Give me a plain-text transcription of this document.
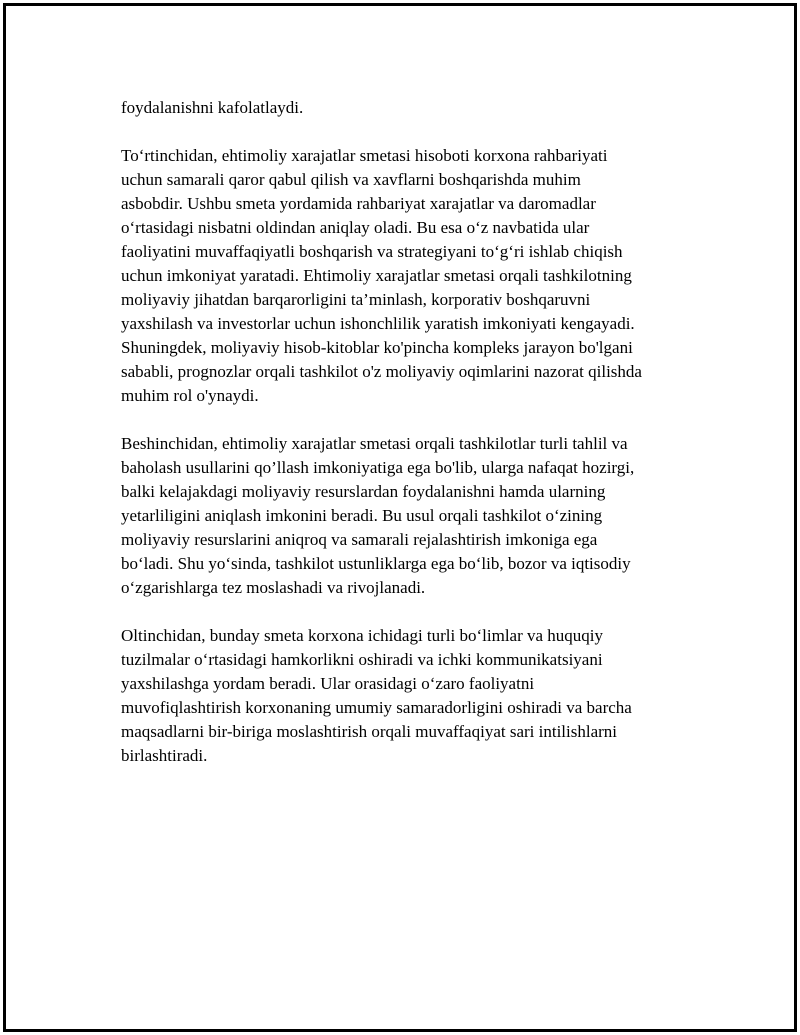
foydalanishni kafolatlaydi.

To‘rtinchidan, ehtimoliy xarajatlar smetasi hisoboti korxona rahbariyati
uchun samarali qaror qabul qilish va xavflarni boshqarishda muhim
asbobdir. Ushbu smeta yordamida rahbariyat xarajatlar va daromadlar
o‘rtasidagi nisbatni oldindan aniqlay oladi. Bu esa o‘z navbatida ular
faoliyatini muvaffaqiyatli boshqarish va strategiyani to‘g‘ri ishlab chiqish
uchun imkoniyat yaratadi. Ehtimoliy xarajatlar smetasi orqali tashkilotning
moliyaviy jihatdan barqarorligini ta’minlash, korporativ boshqaruvni
yaxshilash va investorlar uchun ishonchlilik yaratish imkoniyati kengayadi.
Shuningdek, moliyaviy hisob-kitoblar ko'pincha kompleks jarayon bo'lgani
sababli, prognozlar orqali tashkilot o'z moliyaviy oqimlarini nazorat qilishda
muhim rol o'ynaydi.

Beshinchidan, ehtimoliy xarajatlar smetasi orqali tashkilotlar turli tahlil va
baholash usullarini qo’llash imkoniyatiga ega bo'lib, ularga nafaqat hozirgi,
balki kelajakdagi moliyaviy resurslardan foydalanishni hamda ularning
yetarliligini aniqlash imkonini beradi. Bu usul orqali tashkilot o‘zining
moliyaviy resurslarini aniqroq va samarali rejalashtirish imkoniga ega
bo‘ladi. Shu yo‘sinda, tashkilot ustunliklarga ega bo‘lib, bozor va iqtisodiy
o‘zgarishlarga tez moslashadi va rivojlanadi.

Oltinchidan, bunday smeta korxona ichidagi turli bo‘limlar va huquqiy
tuzilmalar o‘rtasidagi hamkorlikni oshiradi va ichki kommunikatsiyani
yaxshilashga yordam beradi. Ular orasidagi o‘zaro faoliyatni
muvofiqlashtirish korxonaning umumiy samaradorligini oshiradi va barcha
maqsadlarni bir-biriga moslashtirish orqali muvaffaqiyat sari intilishlarni
birlashtiradi.
